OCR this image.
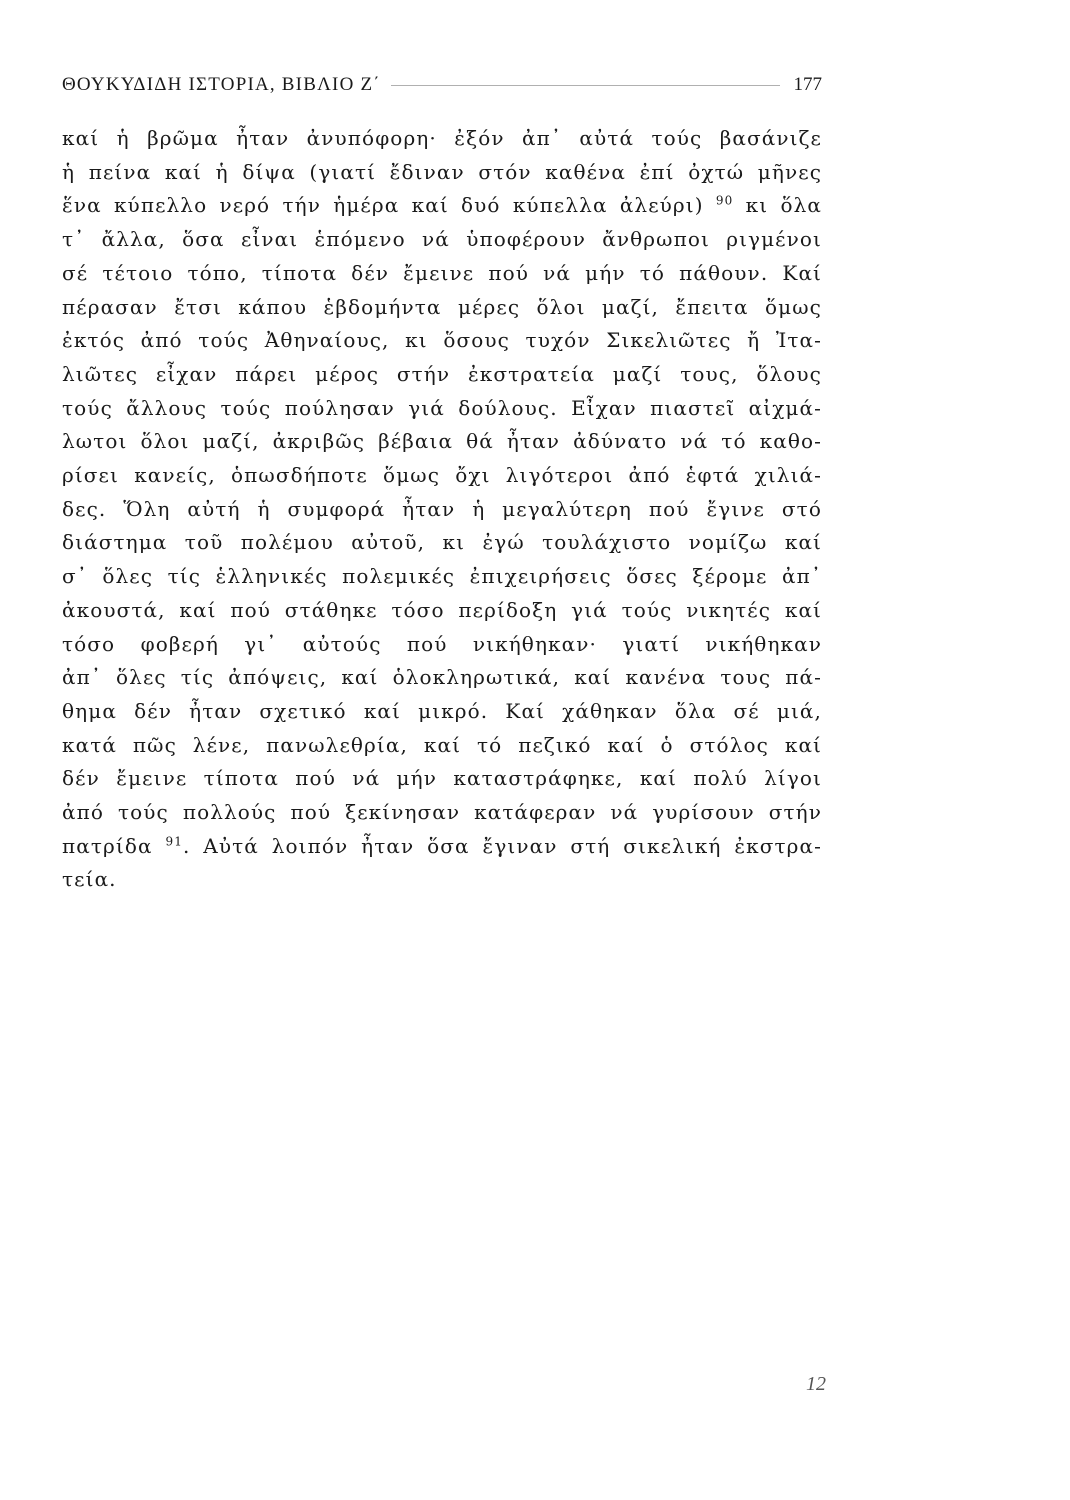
ΘΟΥΚΥΔΙΔΗ ΙΣΤΟΡΙΑ, ΒΙΒΛΙΟ Ζ΄	177
καί ἡ βρῶμα ἦταν ἀνυπόφορη· ἐξόν ἀπ᾿ αὐτά τούς βασάνιζε
ἡ πείνα καί ἡ δίψα (γιατί ἔδιναν στόν καθένα ἐπί ὀχτώ μῆνες
ἕνα κύπελλο νερό τήν ἡμέρα καί δυό κύπελλα ἀλεύρι) $^{90}$ κι ὅλα
τ᾿ ἄλλα, ὅσα εἶναι ἑπόμενο νά ὑποφέρουν ἄνθρωποι ριγμένοι
σέ τέτοιο τόπο, τίποτα δέν ἔμεινε πού νά μήν τό πάθουν. Καί
πέρασαν ἔτσι κάπου ἑβδομήντα μέρες ὅλοι μαζί, ἔπειτα ὅμως
ἐκτός ἀπό τούς Ἀθηναίους, κι ὅσους τυχόν Σικελιῶτες ἤ Ἰτα-
λιῶτες εἶχαν πάρει μέρος στήν ἐκστρατεία μαζί τους, ὅλους
τούς ἄλλους τούς πούλησαν γιά δούλους. Εἶχαν πιαστεῖ αἰχμά-
λωτοι ὅλοι μαζί, ἀκριβῶς βέβαια θά ἦταν ἀδύνατο νά τό καθο-
ρίσει κανείς, ὁπωσδήποτε ὅμως ὄχι λιγότεροι ἀπό ἑφτά χιλιά-
δες. Ὅλη αὐτή ἡ συμφορά ἦταν ἡ μεγαλύτερη πού ἔγινε στό
διάστημα τοῦ πολέμου αὐτοῦ, κι ἐγώ τουλάχιστο νομίζω καί
σ᾿ ὅλες τίς ἑλληνικές πολεμικές ἐπιχειρήσεις ὅσες ξέρομε ἀπ᾿
ἀκουστά, καί πού στάθηκε τόσο περίδοξη γιά τούς νικητές καί
τόσο φοβερή γι᾿ αὐτούς πού νικήθηκαν· γιατί νικήθηκαν
ἀπ᾿ ὅλες τίς ἀπόψεις, καί ὁλοκληρωτικά, καί κανένα τους πά-
θημα δέν ἦταν σχετικό καί μικρό. Καί χάθηκαν ὅλα σέ μιά,
κατά πῶς λένε, πανωλεθρία, καί τό πεζικό καί ὁ στόλος καί
δέν ἔμεινε τίποτα πού νά μήν καταστράφηκε, καί πολύ λίγοι
ἀπό τούς πολλούς πού ξεκίνησαν κατάφεραν νά γυρίσουν στήν
πατρίδα $^{91}$. Αὐτά λοιπόν ἦταν ὅσα ἔγιναν στή σικελική ἐκστρα-
τεία.
12
